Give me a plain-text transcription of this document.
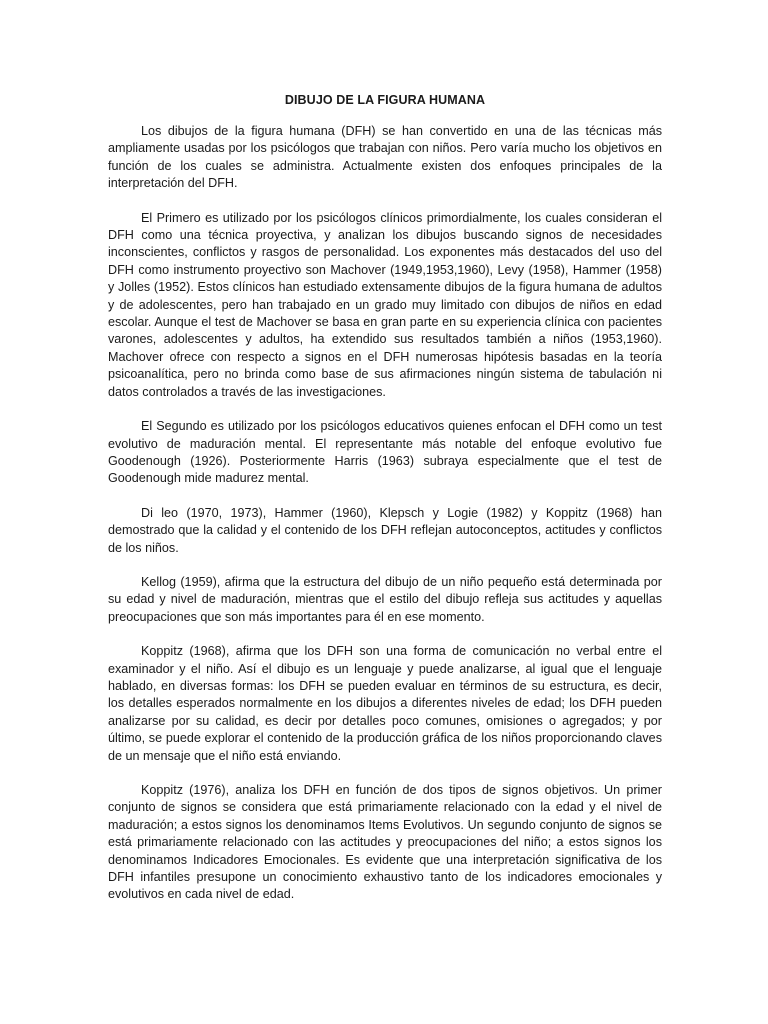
DIBUJO DE LA FIGURA HUMANA

Los dibujos de la figura humana (DFH) se han convertido en una de las técnicas más ampliamente usadas por los psicólogos que trabajan con niños. Pero varía mucho los objetivos en función de los cuales se administra. Actualmente existen dos enfoques principales de la interpretación del DFH.

El Primero es utilizado por los psicólogos clínicos primordialmente, los cuales consideran el DFH como una técnica proyectiva, y analizan los dibujos buscando signos de necesidades inconscientes, conflictos y rasgos de personalidad. Los exponentes más destacados del uso del DFH como instrumento proyectivo son Machover (1949,1953,1960), Levy (1958), Hammer (1958) y Jolles (1952). Estos clínicos han estudiado extensamente dibujos de la figura humana de adultos y de adolescentes, pero han trabajado en un grado muy limitado con dibujos de niños en edad escolar. Aunque el test de Machover se basa en gran parte en su experiencia clínica con pacientes varones, adolescentes y adultos, ha extendido sus resultados también a niños (1953,1960). Machover ofrece con respecto a signos en el DFH numerosas hipótesis basadas en la teoría psicoanalítica, pero no brinda como base de sus afirmaciones ningún sistema de tabulación ni datos controlados a través de las investigaciones.

El Segundo es utilizado por los psicólogos educativos quienes enfocan el DFH como un test evolutivo de maduración mental. El representante más notable del enfoque evolutivo fue Goodenough (1926). Posteriormente Harris (1963) subraya especialmente que el test de Goodenough mide madurez mental.

Di leo (1970, 1973), Hammer (1960), Klepsch y Logie (1982) y Koppitz (1968) han demostrado que la calidad y el contenido de los DFH reflejan autoconceptos, actitudes y conflictos de los niños.

Kellog (1959), afirma que la estructura del dibujo de un niño pequeño está determinada por su edad y nivel de maduración, mientras que el estilo del dibujo refleja sus actitudes y aquellas preocupaciones que son más importantes para él en ese momento.

Koppitz (1968), afirma que los DFH son una forma de comunicación no verbal entre el examinador y el niño. Así el dibujo es un lenguaje y puede analizarse, al igual que el lenguaje hablado, en diversas formas: los DFH se pueden evaluar en términos de su estructura, es decir, los detalles esperados normalmente en los dibujos a diferentes niveles de edad; los DFH pueden analizarse por su calidad, es decir por detalles poco comunes, omisiones o agregados; y por último, se puede explorar el contenido de la producción gráfica de los niños proporcionando claves de un mensaje que el niño está enviando.

Koppitz (1976), analiza los DFH en función de dos tipos de signos objetivos. Un primer conjunto de signos se considera que está primariamente relacionado con la edad y el nivel de maduración; a estos signos los denominamos Items Evolutivos. Un segundo conjunto de signos se está primariamente relacionado con las actitudes y preocupaciones del niño; a estos signos los denominamos Indicadores Emocionales. Es evidente que una interpretación significativa de los DFH infantiles presupone un conocimiento exhaustivo tanto de los indicadores emocionales y evolutivos en cada nivel de edad.
